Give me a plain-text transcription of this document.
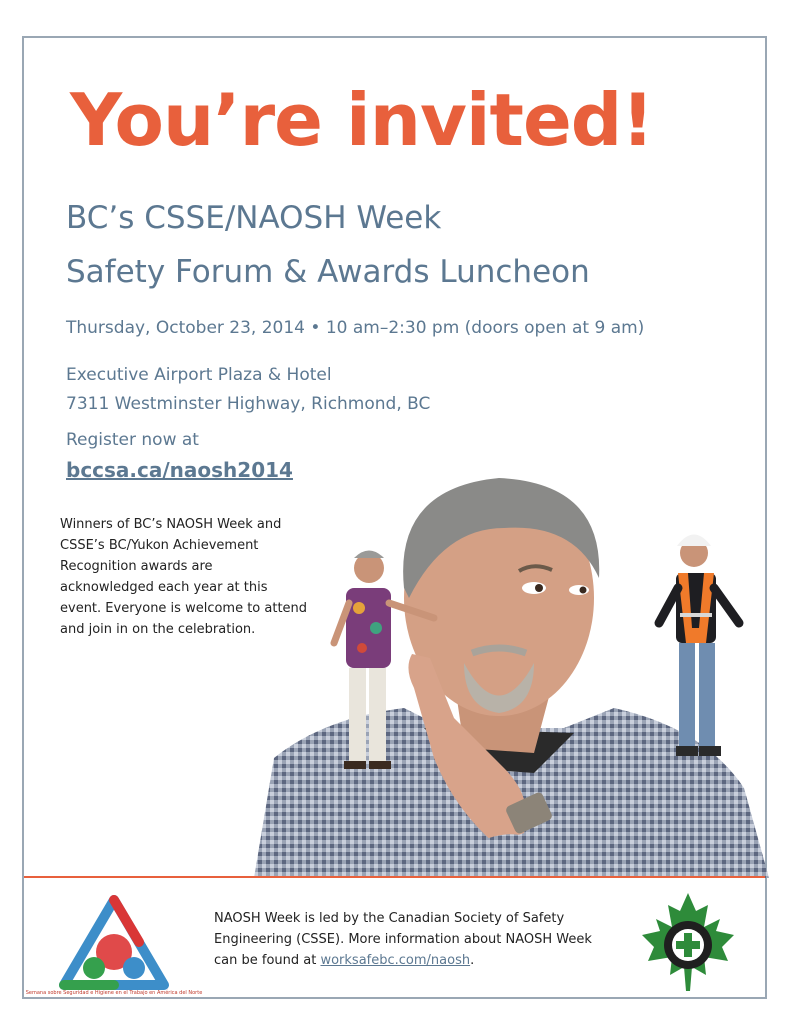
You’re invited!
BC’s CSSE/NAOSH Week
Safety Forum & Awards Luncheon
Thursday, October 23, 2014 • 10 am–2:30 pm (doors open at 9 am)
Executive Airport Plaza & Hotel
7311 Westminster Highway, Richmond, BC
Register now at
bccsa.ca/naosh2014
Winners of BC’s NAOSH Week and CSSE’s BC/Yukon Achievement Recognition awards are acknowledged each year at this event. Everyone is welcome to attend and join in on the celebration.
Semana sobre Seguridad e Higiene en el Trabajo en América del Norte
NAOSH Week is led by the Canadian Society of Safety Engineering (CSSE). More information about NAOSH Week can be found at worksafebc.com/naosh.
